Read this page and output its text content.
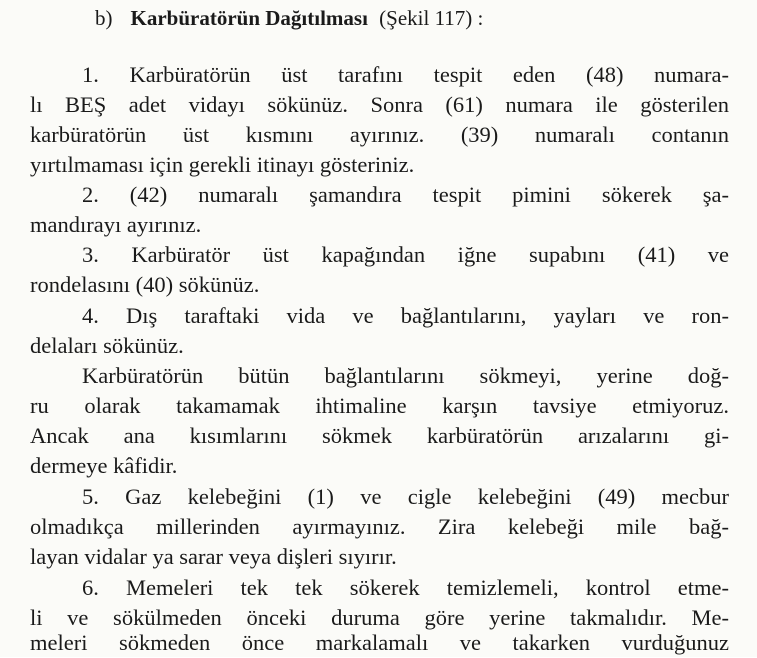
b) Karbüratörün Dağıtılması (Şekil 117) :
1. Karbüratörün üst tarafını tespit eden (48) numara-
lı BEŞ adet vidayı sökünüz. Sonra (61) numara ile gösterilen
karbüratörün üst kısmını ayırınız. (39) numaralı contanın
yırtılmaması için gerekli itinayı gösteriniz.
2. (42) numaralı şamandıra tespit pimini sökerek şa-
mandırayı ayırınız.
3. Karbüratör üst kapağından iğne supabını (41) ve
rondelasını (40) sökünüz.
4. Dış taraftaki vida ve bağlantılarını, yayları ve ron-
delaları sökünüz.
Karbüratörün bütün bağlantılarını sökmeyi, yerine doğ-
ru olarak takamamak ihtimaline karşın tavsiye etmiyoruz.
Ancak ana kısımlarını sökmek karbüratörün arızalarını gi-
dermeye kâfidir.
5. Gaz kelebeğini (1) ve cigle kelebeğini (49) mecbur
olmadıkça millerinden ayırmayınız. Zira kelebeği mile bağ-
layan vidalar ya sarar veya dişleri sıyırır.
6. Memeleri tek tek sökerek temizlemeli, kontrol etme-
li ve sökülmeden önceki duruma göre yerine takmalıdır. Me-
meleri sökmeden önce markalamalı ve takarken vurduğunuz
